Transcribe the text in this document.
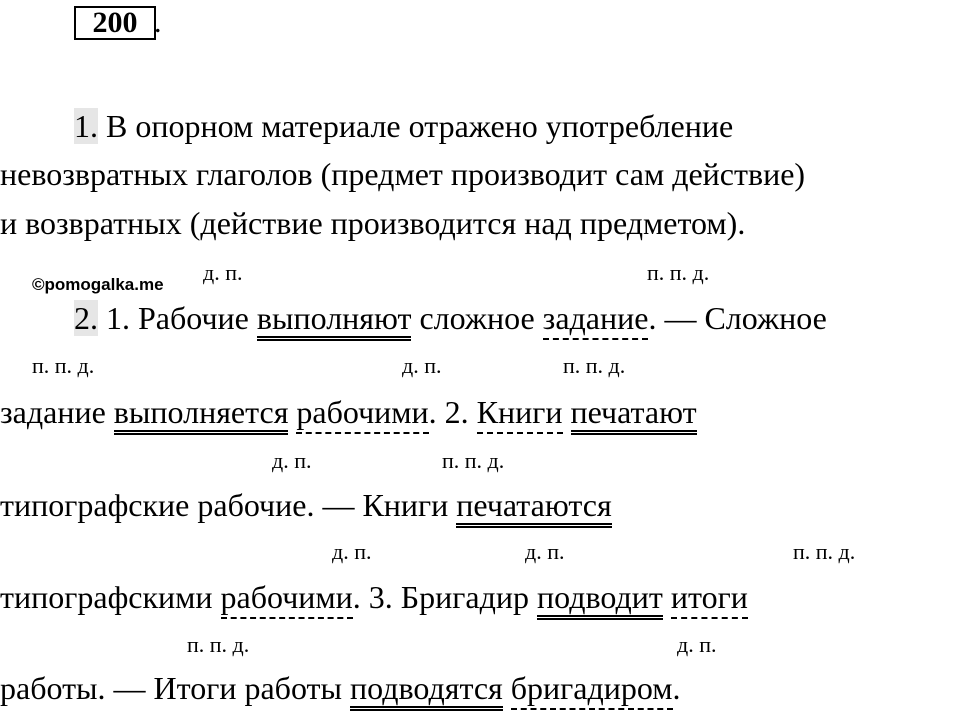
200 .
1. В опорном материале отражено употребление
невозвратных глаголов (предмет производит сам действие)
и возвратных (действие производится над предметом).
©pomogalka.me д. п.	п. п. д.
2. 1. Рабочие выполняют сложное задание. — Сложное
п. п. д.	д. п.	п. п. д.
задание выполняется рабочими. 2. Книги печатают
д. п.	п. п. д.
типографские рабочие. — Книги печатаются
д. п.	д. п.	п. п. д.
типографскими рабочими. 3. Бригадир подводит итоги
п. п. д.	д. п.
работы. — Итоги работы подводятся бригадиром.
